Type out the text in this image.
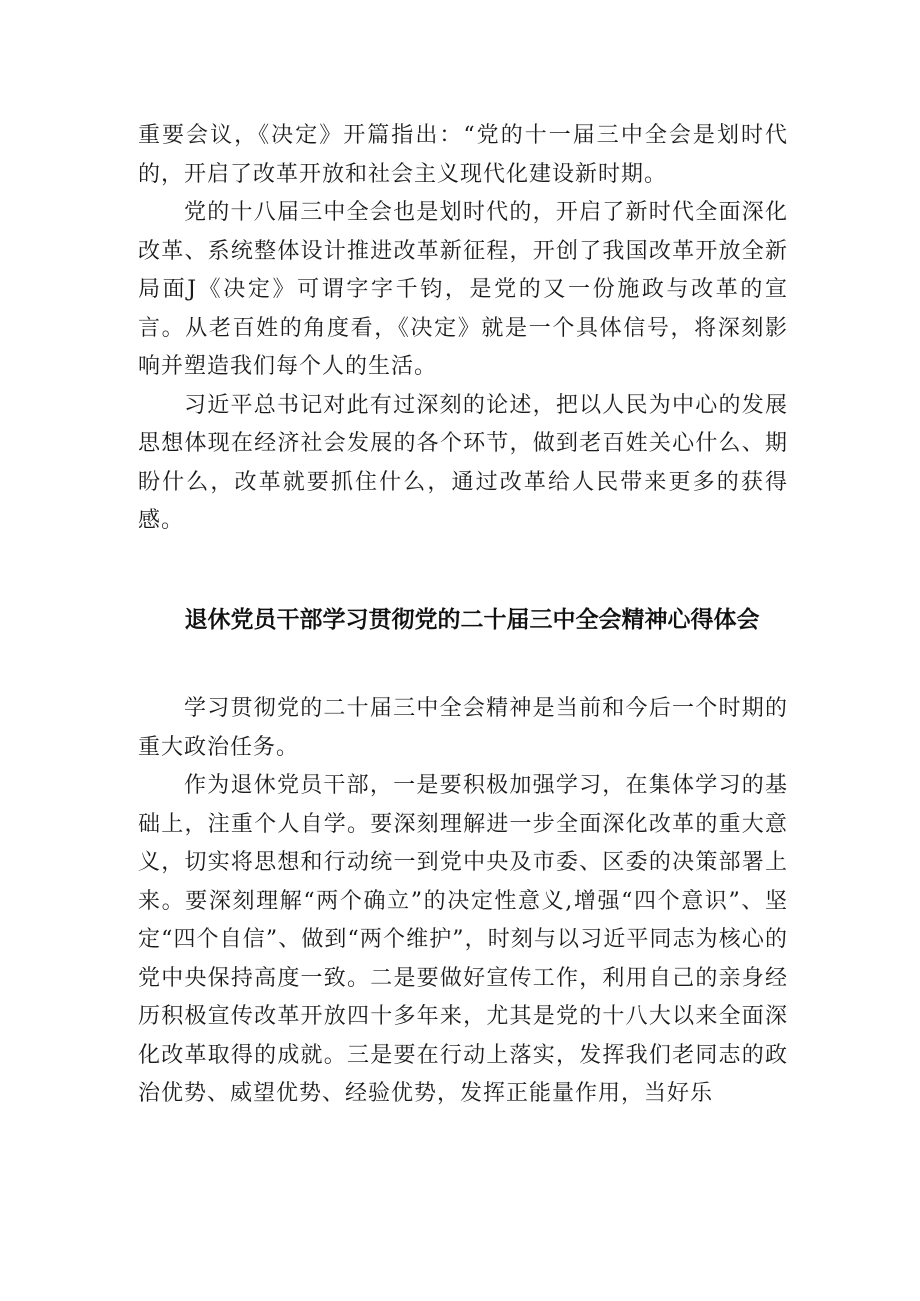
重要会议，《决定》开篇指出：“党的十一届三中全会是划时代的，开启了改革开放和社会主义现代化建设新时期。

党的十八届三中全会也是划时代的，开启了新时代全面深化改革、系统整体设计推进改革新征程，开创了我国改革开放全新局面J《决定》可谓字字千钧，是党的又一份施政与改革的宣言。从老百姓的角度看，《决定》就是一个具体信号，将深刻影响并塑造我们每个人的生活。

习近平总书记对此有过深刻的论述，把以人民为中心的发展思想体现在经济社会发展的各个环节，做到老百姓关心什么、期盼什么，改革就要抓住什么，通过改革给人民带来更多的获得感。

退休党员干部学习贯彻党的二十届三中全会精神心得体会

学习贯彻党的二十届三中全会精神是当前和今后一个时期的重大政治任务。

作为退休党员干部，一是要积极加强学习，在集体学习的基础上，注重个人自学。要深刻理解进一步全面深化改革的重大意义，切实将思想和行动统一到党中央及市委、区委的决策部署上来。要深刻理解“两个确立”的决定性意义,增强“四个意识”、坚定“四个自信”、做到“两个维护”，时刻与以习近平同志为核心的党中央保持高度一致。二是要做好宣传工作，利用自己的亲身经历积极宣传改革开放四十多年来，尤其是党的十八大以来全面深化改革取得的成就。三是要在行动上落实，发挥我们老同志的政治优势、威望优势、经验优势，发挥正能量作用，当好乐
